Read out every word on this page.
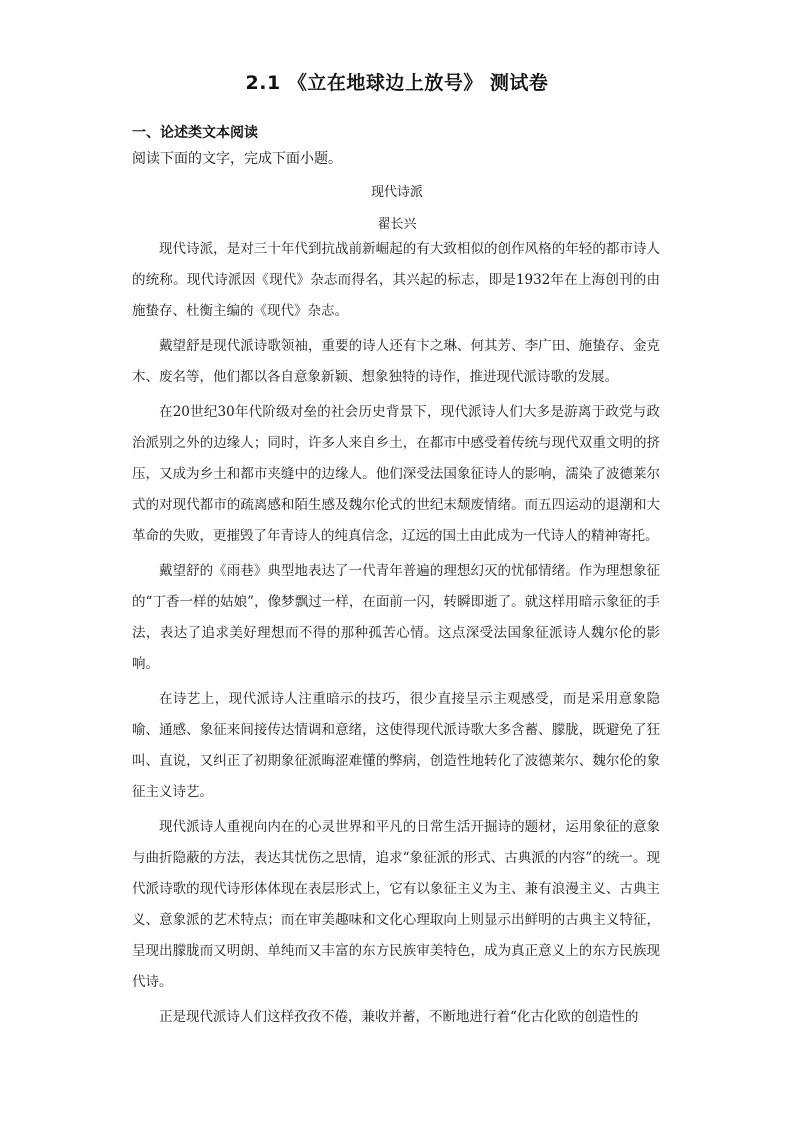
2.1 《立在地球边上放号》 测试卷
一、论述类文本阅读

阅读下面的文字，完成下面小题。

现代诗派

翟长兴

现代诗派，是对三十年代到抗战前新崛起的有大致相似的创作风格的年轻的都市诗人的统称。现代诗派因《现代》杂志而得名，其兴起的标志，即是1932年在上海创刊的由施蛰存、杜衡主编的《现代》杂志。

戴望舒是现代派诗歌领袖，重要的诗人还有卞之琳、何其芳、李广田、施蛰存、金克木、废名等，他们都以各自意象新颖、想象独特的诗作，推进现代派诗歌的发展。

在20世纪30年代阶级对垒的社会历史背景下，现代派诗人们大多是游离于政党与政治派别之外的边缘人；同时，许多人来自乡土，在都市中感受着传统与现代双重文明的挤压，又成为乡土和都市夹缝中的边缘人。他们深受法国象征诗人的影响，濡染了波德莱尔式的对现代都市的疏离感和陌生感及魏尔伦式的世纪末颓废情绪。而五四运动的退潮和大革命的失败，更摧毁了年青诗人的纯真信念，辽远的国土由此成为一代诗人的精神寄托。

戴望舒的《雨巷》典型地表达了一代青年普遍的理想幻灭的忧郁情绪。作为理想象征的“丁香一样的姑娘”，像梦飘过一样，在面前一闪，转瞬即逝了。就这样用暗示象征的手法，表达了追求美好理想而不得的那种孤苦心情。这点深受法国象征派诗人魏尔伦的影响。

在诗艺上，现代派诗人注重暗示的技巧，很少直接呈示主观感受，而是采用意象隐喻、通感、象征来间接传达情调和意绪，这使得现代派诗歌大多含蓄、朦胧，既避免了狂叫、直说，又纠正了初期象征派晦涩难懂的弊病，创造性地转化了波德莱尔、魏尔伦的象征主义诗艺。

现代派诗人重视向内在的心灵世界和平凡的日常生活开掘诗的题材，运用象征的意象与曲折隐蔽的方法，表达其忧伤之思情，追求“象征派的形式、古典派的内容”的统一。现代派诗歌的现代诗形体体现在表层形式上，它有以象征主义为主、兼有浪漫主义、古典主义、意象派的艺术特点；而在审美趣味和文化心理取向上则显示出鲜明的古典主义特征，呈现出朦胧而又明朗、单纯而又丰富的东方民族审美特色，成为真正意义上的东方民族现代诗。

正是现代派诗人们这样孜孜不倦，兼收并蓄，不断地进行着“化古化欧的创造性的
